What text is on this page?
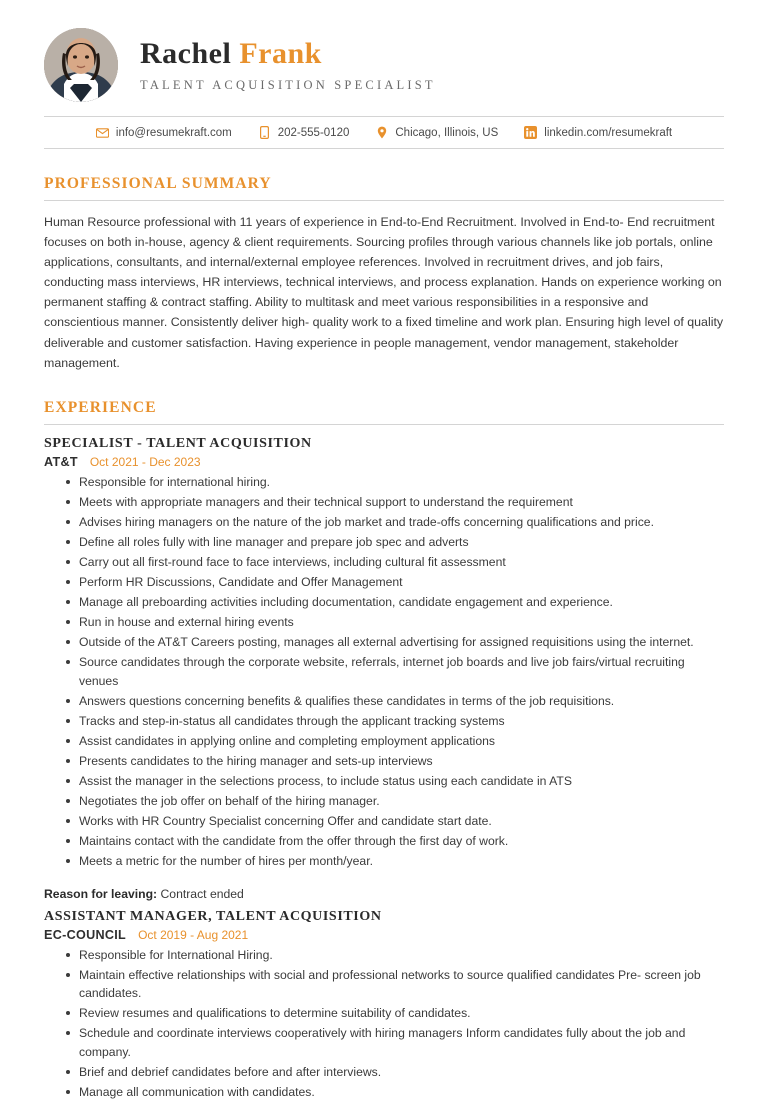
Rachel Frank
TALENT ACQUISITION SPECIALIST
info@resumekraft.com	202-555-0120	Chicago, Illinois, US	linkedin.com/resumekraft
PROFESSIONAL SUMMARY

Human Resource professional with 11 years of experience in End-to-End Recruitment. Involved in End-to- End recruitment focuses on both in-house, agency & client requirements. Sourcing profiles through various channels like job portals, online applications, consultants, and internal/external employee references. Involved in recruitment drives, and job fairs, conducting mass interviews, HR interviews, technical interviews, and process explanation. Hands on experience working on permanent staffing & contract staffing. Ability to multitask and meet various responsibilities in a responsive and conscientious manner. Consistently deliver high- quality work to a fixed timeline and work plan. Ensuring high level of quality deliverable and customer satisfaction. Having experience in people management, vendor management, stakeholder management.

EXPERIENCE
SPECIALIST - TALENT ACQUISITION
AT&T Oct 2021 - Dec 2023
Responsible for international hiring.
Meets with appropriate managers and their technical support to understand the requirement
Advises hiring managers on the nature of the job market and trade-offs concerning qualifications and price.
Define all roles fully with line manager and prepare job spec and adverts
Carry out all first-round face to face interviews, including cultural fit assessment
Perform HR Discussions, Candidate and Offer Management
Manage all preboarding activities including documentation, candidate engagement and experience.
Run in house and external hiring events
Outside of the AT&T Careers posting, manages all external advertising for assigned requisitions using the internet.
Source candidates through the corporate website, referrals, internet job boards and live job fairs/virtual recruiting venues
Answers questions concerning benefits & qualifies these candidates in terms of the job requisitions.
Tracks and step-in-status all candidates through the applicant tracking systems
Assist candidates in applying online and completing employment applications
Presents candidates to the hiring manager and sets-up interviews
Assist the manager in the selections process, to include status using each candidate in ATS
Negotiates the job offer on behalf of the hiring manager.
Works with HR Country Specialist concerning Offer and candidate start date.
Maintains contact with the candidate from the offer through the first day of work.
Meets a metric for the number of hires per month/year.
Reason for leaving: Contract ended
ASSISTANT MANAGER, TALENT ACQUISITION
EC-COUNCIL Oct 2019 - Aug 2021
Responsible for International Hiring.
Maintain effective relationships with social and professional networks to source qualified candidates Pre- screen job candidates.
Review resumes and qualifications to determine suitability of candidates.
Schedule and coordinate interviews cooperatively with hiring managers Inform candidates fully about the job and company.
Brief and debrief candidates before and after interviews.
Manage all communication with candidates.
